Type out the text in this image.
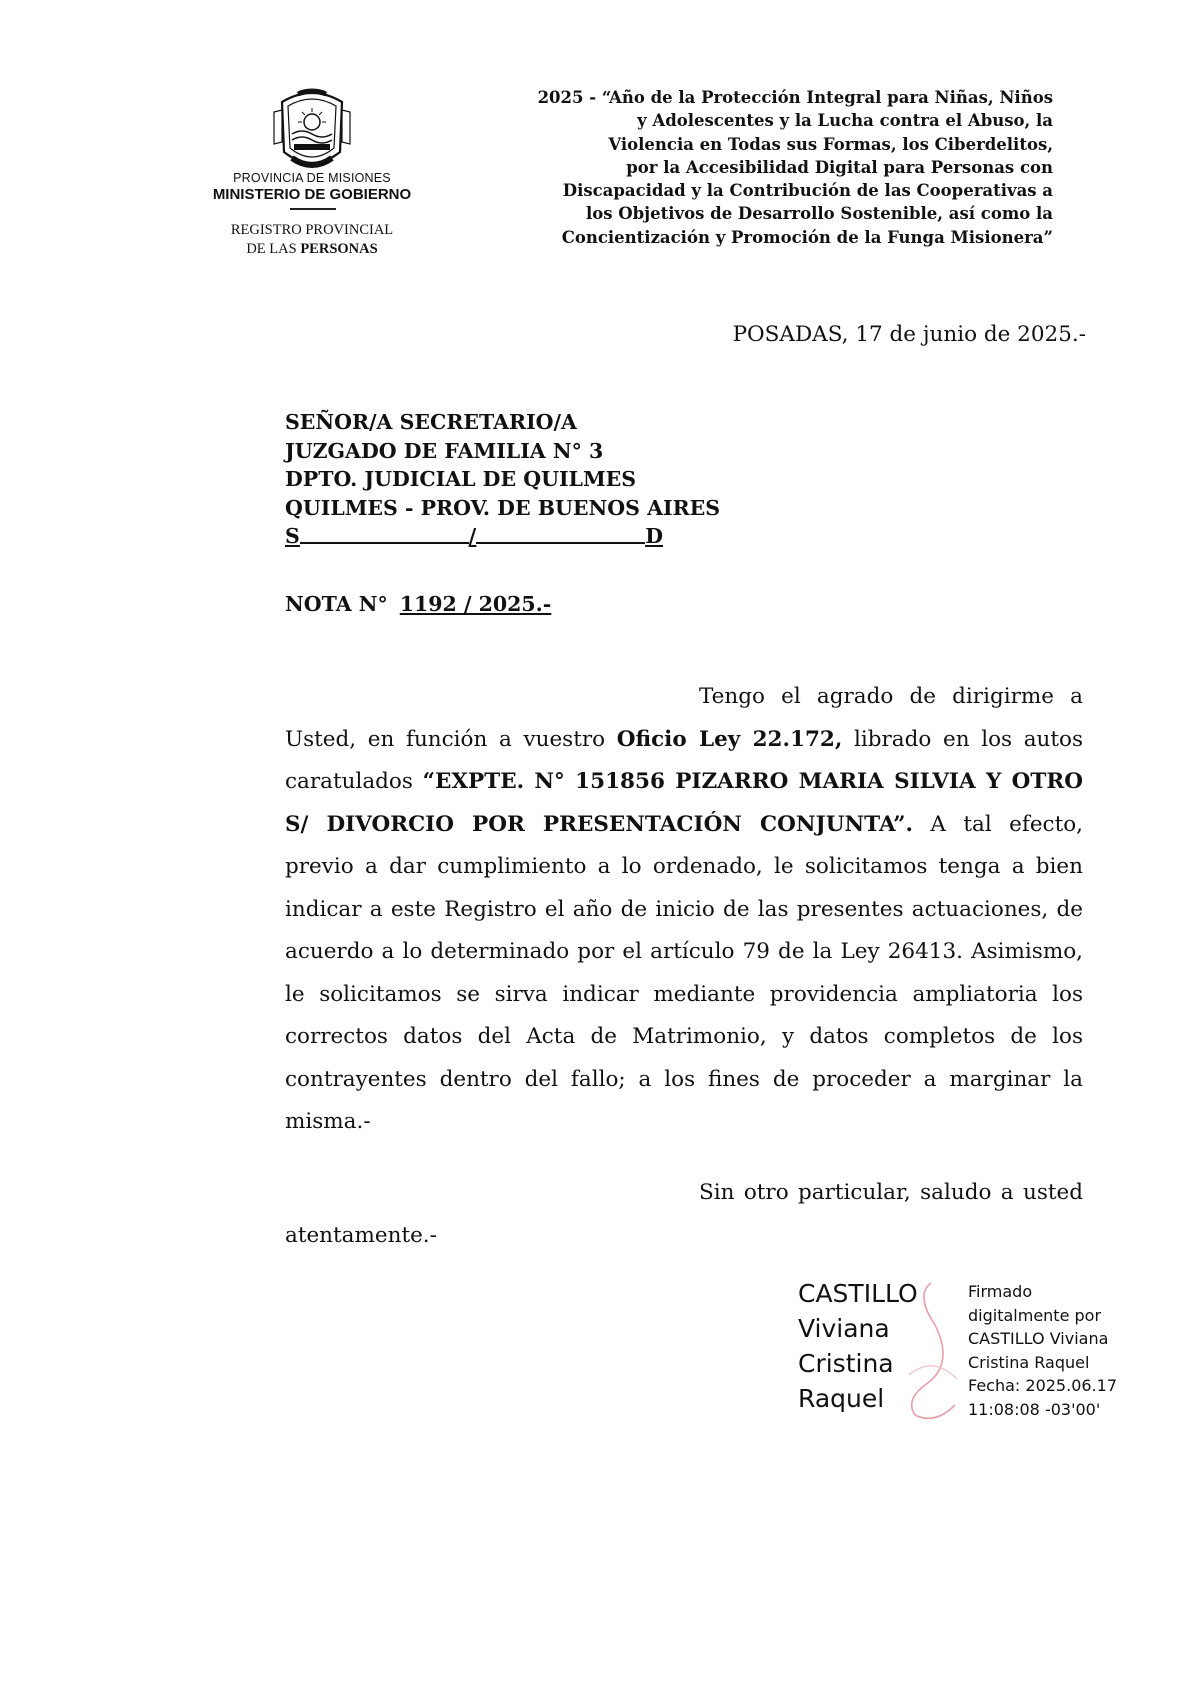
PROVINCIA DE MISIONES
MINISTERIO DE GOBIERNO
REGISTRO PROVINCIAL
DE LAS PERSONAS
2025 - “Año de la Protección Integral para Niñas, Niños
y Adolescentes y la Lucha contra el Abuso, la
Violencia en Todas sus Formas, los Ciberdelitos,
por la Accesibilidad Digital para Personas con
Discapacidad y la Contribución de las Cooperativas a
los Objetivos de Desarrollo Sostenible, así como la
Concientización y Promoción de la Funga Misionera”
POSADAS, 17 de junio de 2025.-
SEÑOR/A SECRETARIO/A
JUZGADO DE FAMILIA N° 3
DPTO. JUDICIAL DE QUILMES
QUILMES - PROV. DE BUENOS AIRES
S	/	D
NOTA N° 1192 / 2025.-
Tengo el agrado de dirigirme a Usted, en función a vuestro Oficio Ley 22.172, librado en los autos caratulados “EXPTE. N° 151856 PIZARRO MARIA SILVIA Y OTRO S/ DIVORCIO POR PRESENTACIÓN CONJUNTA”. A tal efecto, previo a dar cumplimiento a lo ordenado, le solicitamos tenga a bien indicar a este Registro el año de inicio de las presentes actuaciones, de acuerdo a lo determinado por el artículo 79 de la Ley 26413. Asimismo, le solicitamos se sirva indicar mediante providencia ampliatoria los correctos datos del Acta de Matrimonio, y datos completos de los contrayentes dentro del fallo; a los fines de proceder a marginar la misma.-
Sin otro particular, saludo a usted atentamente.-
CASTILLO
Viviana
Cristina
Raquel
Firmado
digitalmente por
CASTILLO Viviana
Cristina Raquel
Fecha: 2025.06.17
11:08:08 -03'00'
